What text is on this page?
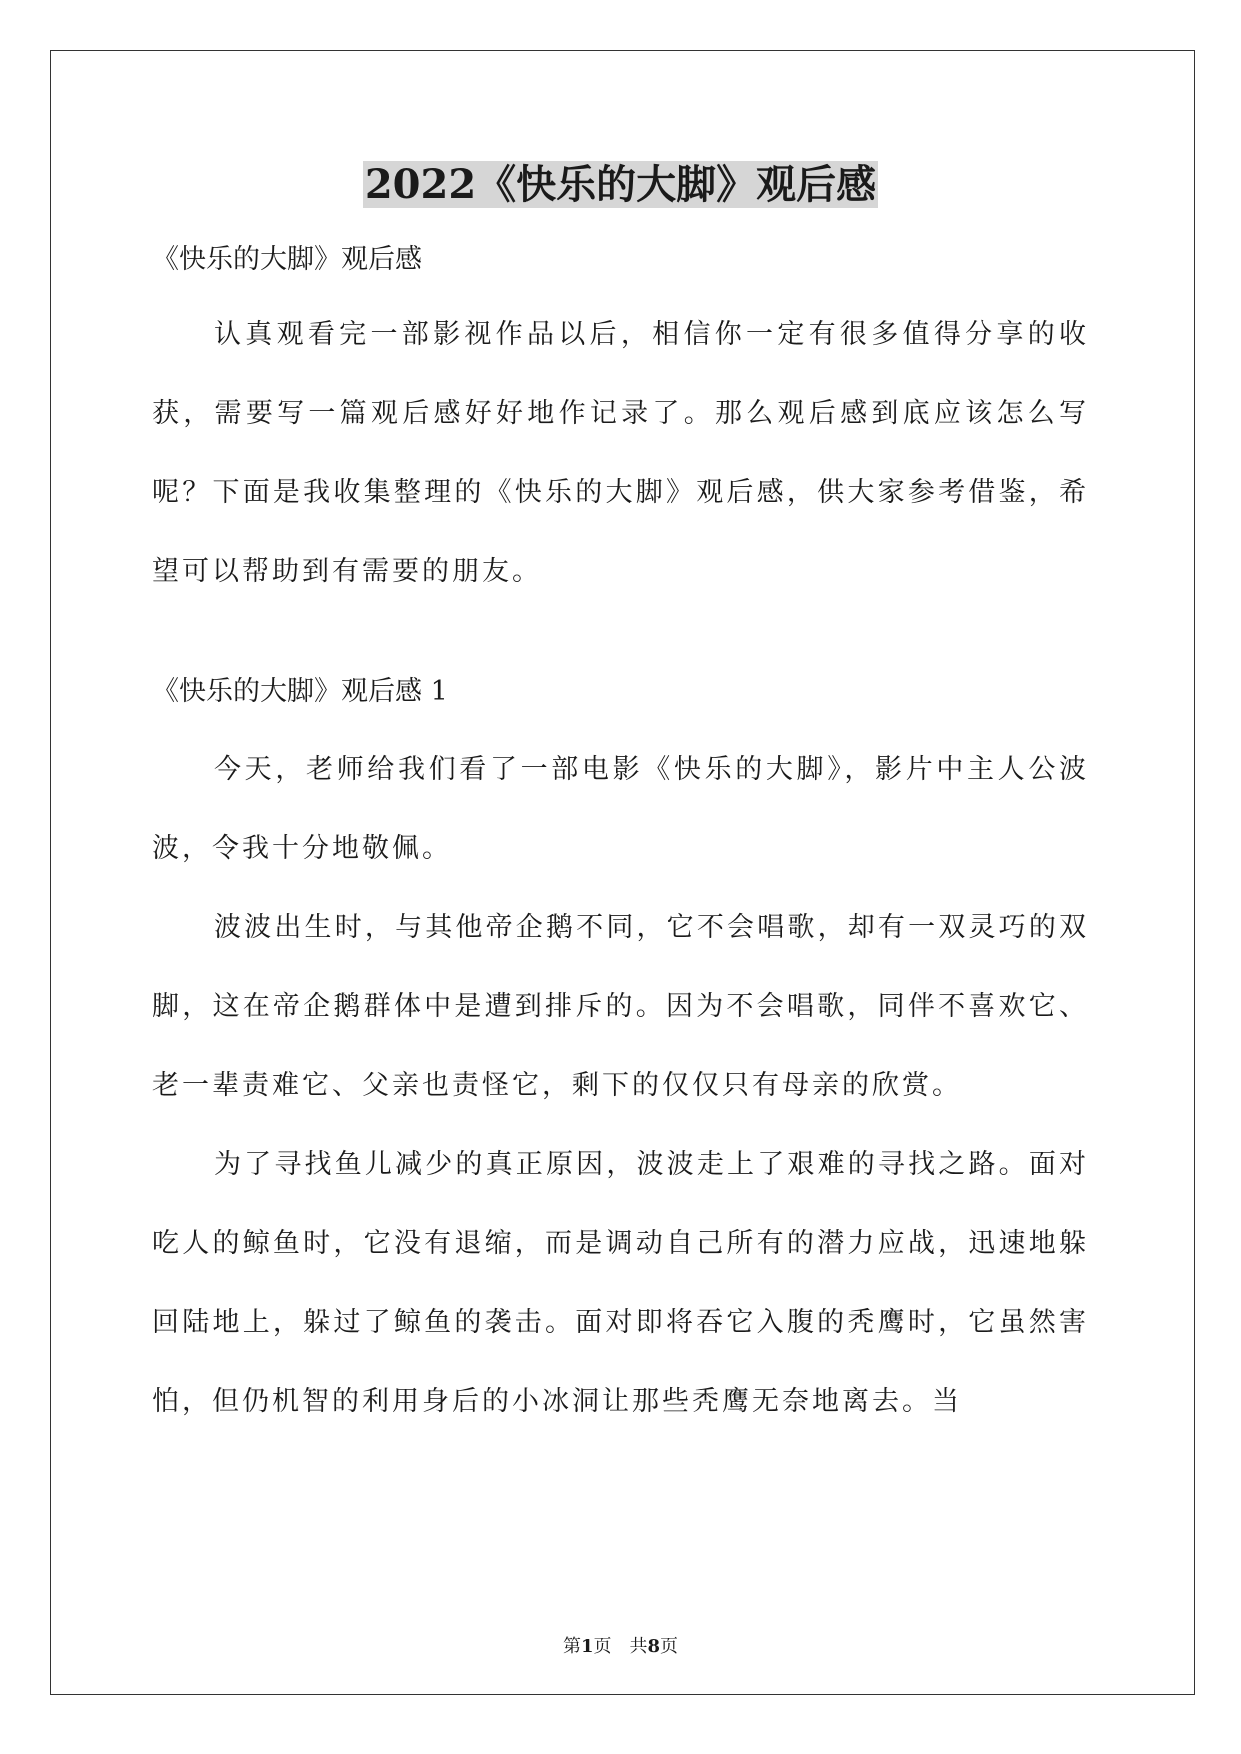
2022《快乐的大脚》观后感

《快乐的大脚》观后感

认真观看完一部影视作品以后，相信你一定有很多值得分享的收获，需要写一篇观后感好好地作记录了。那么观后感到底应该怎么写呢？下面是我收集整理的《快乐的大脚》观后感，供大家参考借鉴，希望可以帮助到有需要的朋友。

《快乐的大脚》观后感 1

今天，老师给我们看了一部电影《快乐的大脚》，影片中主人公波波，令我十分地敬佩。

波波出生时，与其他帝企鹅不同，它不会唱歌，却有一双灵巧的双脚，这在帝企鹅群体中是遭到排斥的。因为不会唱歌，同伴不喜欢它、老一辈责难它、父亲也责怪它，剩下的仅仅只有母亲的欣赏。

为了寻找鱼儿减少的真正原因，波波走上了艰难的寻找之路。面对吃人的鲸鱼时，它没有退缩，而是调动自己所有的潜力应战，迅速地躲回陆地上，躲过了鲸鱼的袭击。面对即将吞它入腹的秃鹰时，它虽然害怕，但仍机智的利用身后的小冰洞让那些秃鹰无奈地离去。当

第1页　共8页
